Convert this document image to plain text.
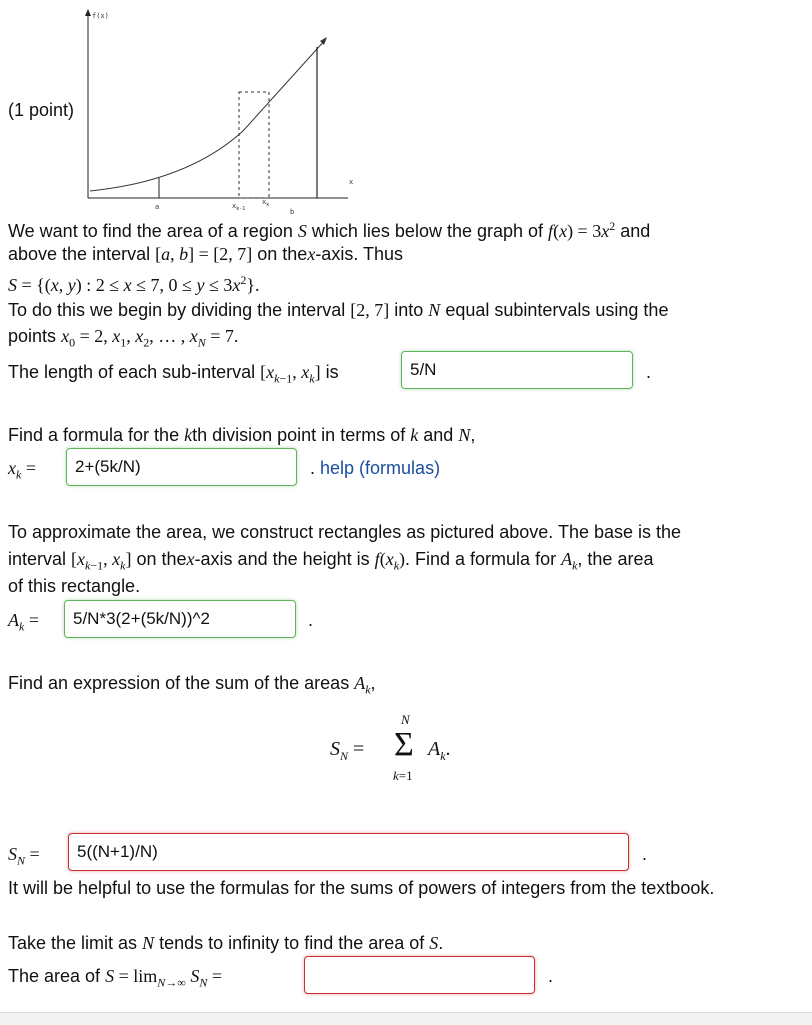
f(x)
x
a	$x_{k-1}$
$x_k$
b
(1 point)
We want to find the area of a region S which lies below the graph of $f(x) = 3x^2$ and
above the interval [a, b] = [2, 7] on thex-axis. Thus
S = {(x, y) : 2 ≤ x ≤ 7, $0 \le y \le 3x^2$}.
To do this we begin by dividing the interval [2, 7] into N equal subintervals using the
points $x_0 = 2$, $x_1$, $x_2$, … , $x_N = 7$.
The length of each sub-interval [$x_{k-1}$, $x_k$] is	5/N	.
Find a formula for the kth division point in terms of k and N,
$x_k$ =	2+(5k/N)	. help (formulas)
To approximate the area, we construct rectangles as pictured above. The base is the
interval [$x_{k-1}$, $x_k$] on thex-axis and the height is $f(x_k)$. Find a formula for $A_k$, the area
of this rectangle.
$A_k$ =	5/N*3(2+(5k/N))^2	.
Find an expression of the sum of the areas $A_k$,
$S_N$ =
N
Σ $A_k$.
k=1
$S_N$ =	5((N+1)/N)	.
It will be helpful to use the formulas for the sums of powers of integers from the textbook.
Take the limit as N tends to infinity to find the area of S.
The area of $S = \lim_{N\to\infty} S_N$ =	.
